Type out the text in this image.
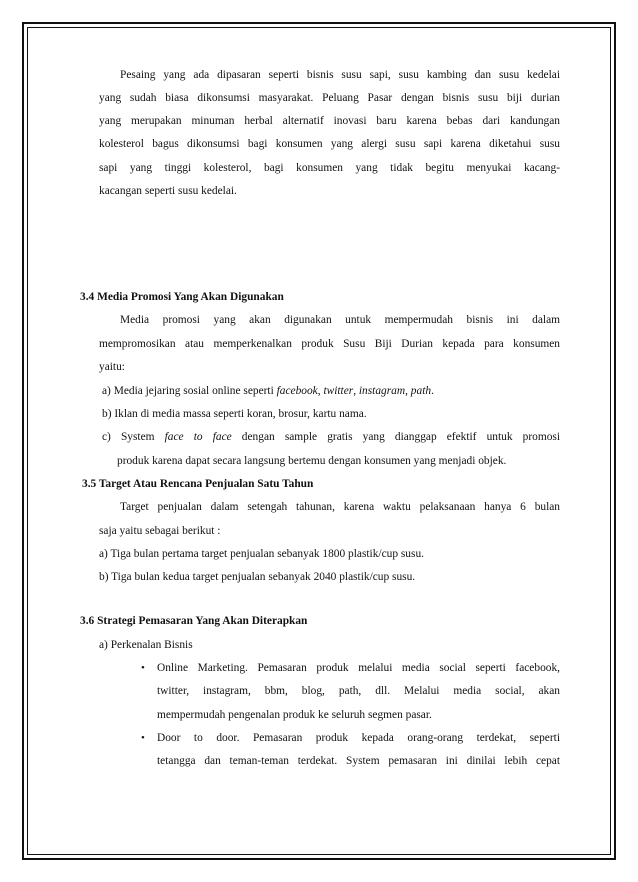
Pesaing yang ada dipasaran seperti bisnis susu sapi, susu kambing dan susu kedelai
yang sudah biasa dikonsumsi masyarakat. Peluang Pasar dengan bisnis susu biji durian
yang merupakan minuman herbal alternatif inovasi baru karena bebas dari kandungan
kolesterol bagus dikonsumsi bagi konsumen yang alergi susu sapi karena diketahui susu
sapi yang tinggi kolesterol, bagi konsumen yang tidak begitu menyukai kacang-
kacangan seperti susu kedelai.
3.4 Media Promosi Yang Akan Digunakan
Media promosi yang akan digunakan untuk mempermudah bisnis ini dalam
mempromosikan atau memperkenalkan produk Susu Biji Durian kepada para konsumen
yaitu:
a) Media jejaring sosial online seperti facebook, twitter, instagram, path.
b) Iklan di media massa seperti koran, brosur, kartu nama.
c) System face to face dengan sample gratis yang dianggap efektif untuk promosi
produk karena dapat secara langsung bertemu dengan konsumen yang menjadi objek.
3.5 Target Atau Rencana Penjualan Satu Tahun
Target penjualan dalam setengah tahunan, karena waktu pelaksanaan hanya 6 bulan
saja yaitu sebagai berikut :
a) Tiga bulan pertama target penjualan sebanyak 1800 plastik/cup susu.
b) Tiga bulan kedua target penjualan sebanyak 2040 plastik/cup susu.
3.6 Strategi Pemasaran Yang Akan Diterapkan
a) Perkenalan Bisnis
• Online Marketing. Pemasaran produk melalui media social seperti facebook,
twitter, instagram, bbm, blog, path, dll. Melalui media social, akan
mempermudah pengenalan produk ke seluruh segmen pasar.
• Door to door. Pemasaran produk kepada orang-orang terdekat, seperti
tetangga dan teman-teman terdekat. System pemasaran ini dinilai lebih cepat
